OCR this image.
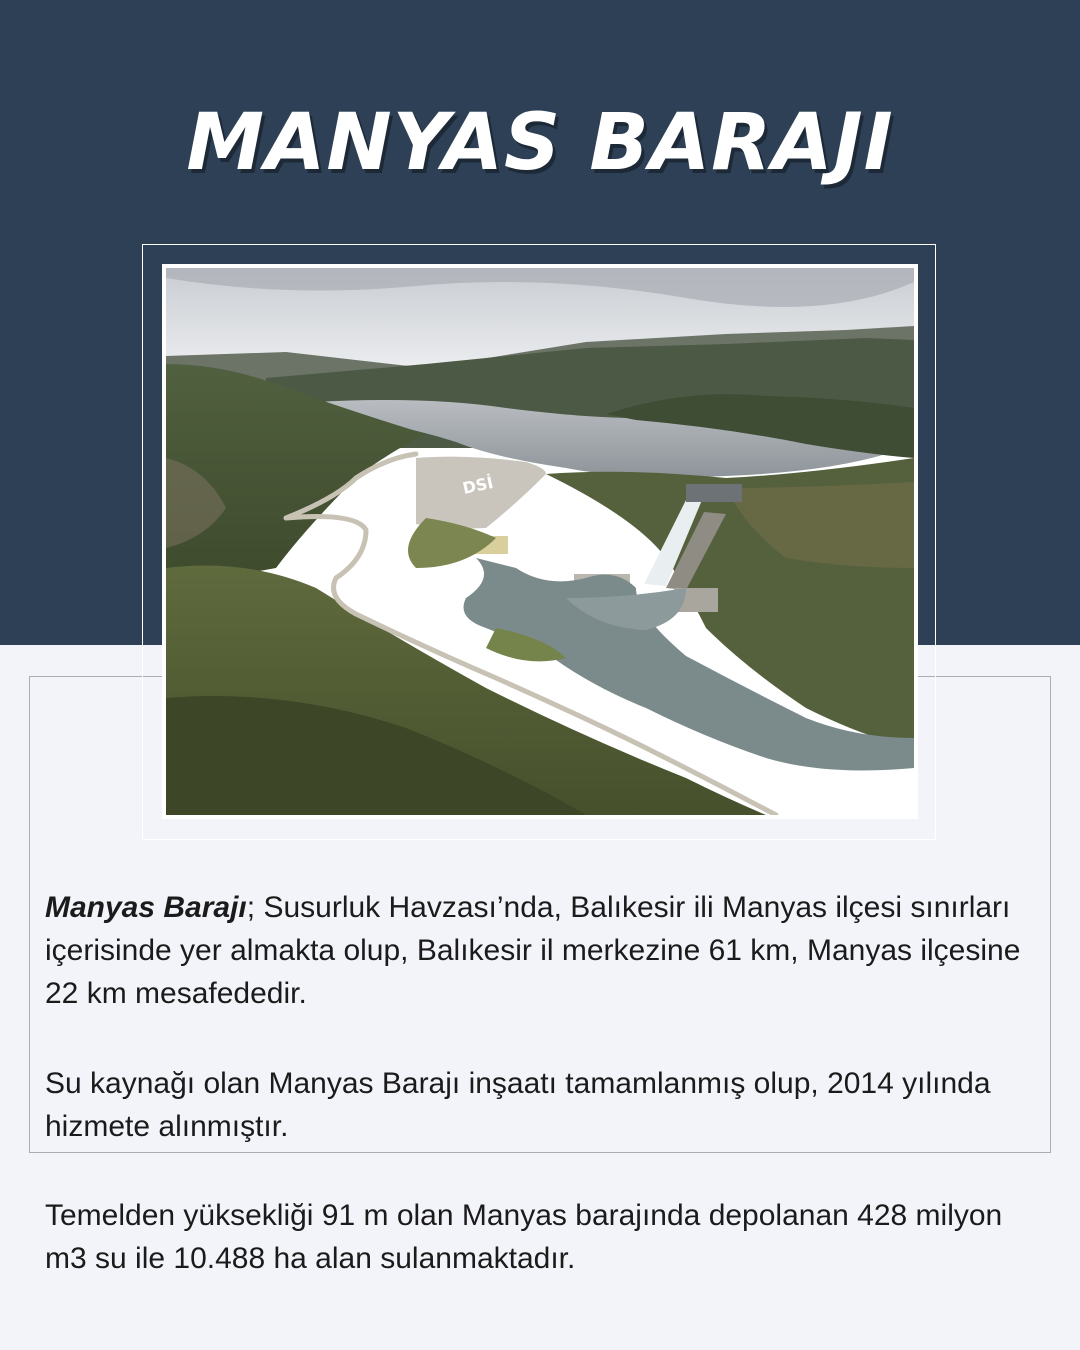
MANYAS BARAJI
DSİ

Manyas Barajı; Susurluk Havzası’nda, Balıkesir ili Manyas ilçesi sınırları içerisinde yer almakta olup, Balıkesir il merkezine 61 km, Manyas ilçesine 22 km mesafededir.

Su kaynağı olan Manyas Barajı inşaatı tamamlanmış olup, 2014 yılında hizmete alınmıştır.

Temelden yüksekliği 91 m olan Manyas barajında depolanan 428 milyon m3 su ile 10.488 ha alan sulanmaktadır.
